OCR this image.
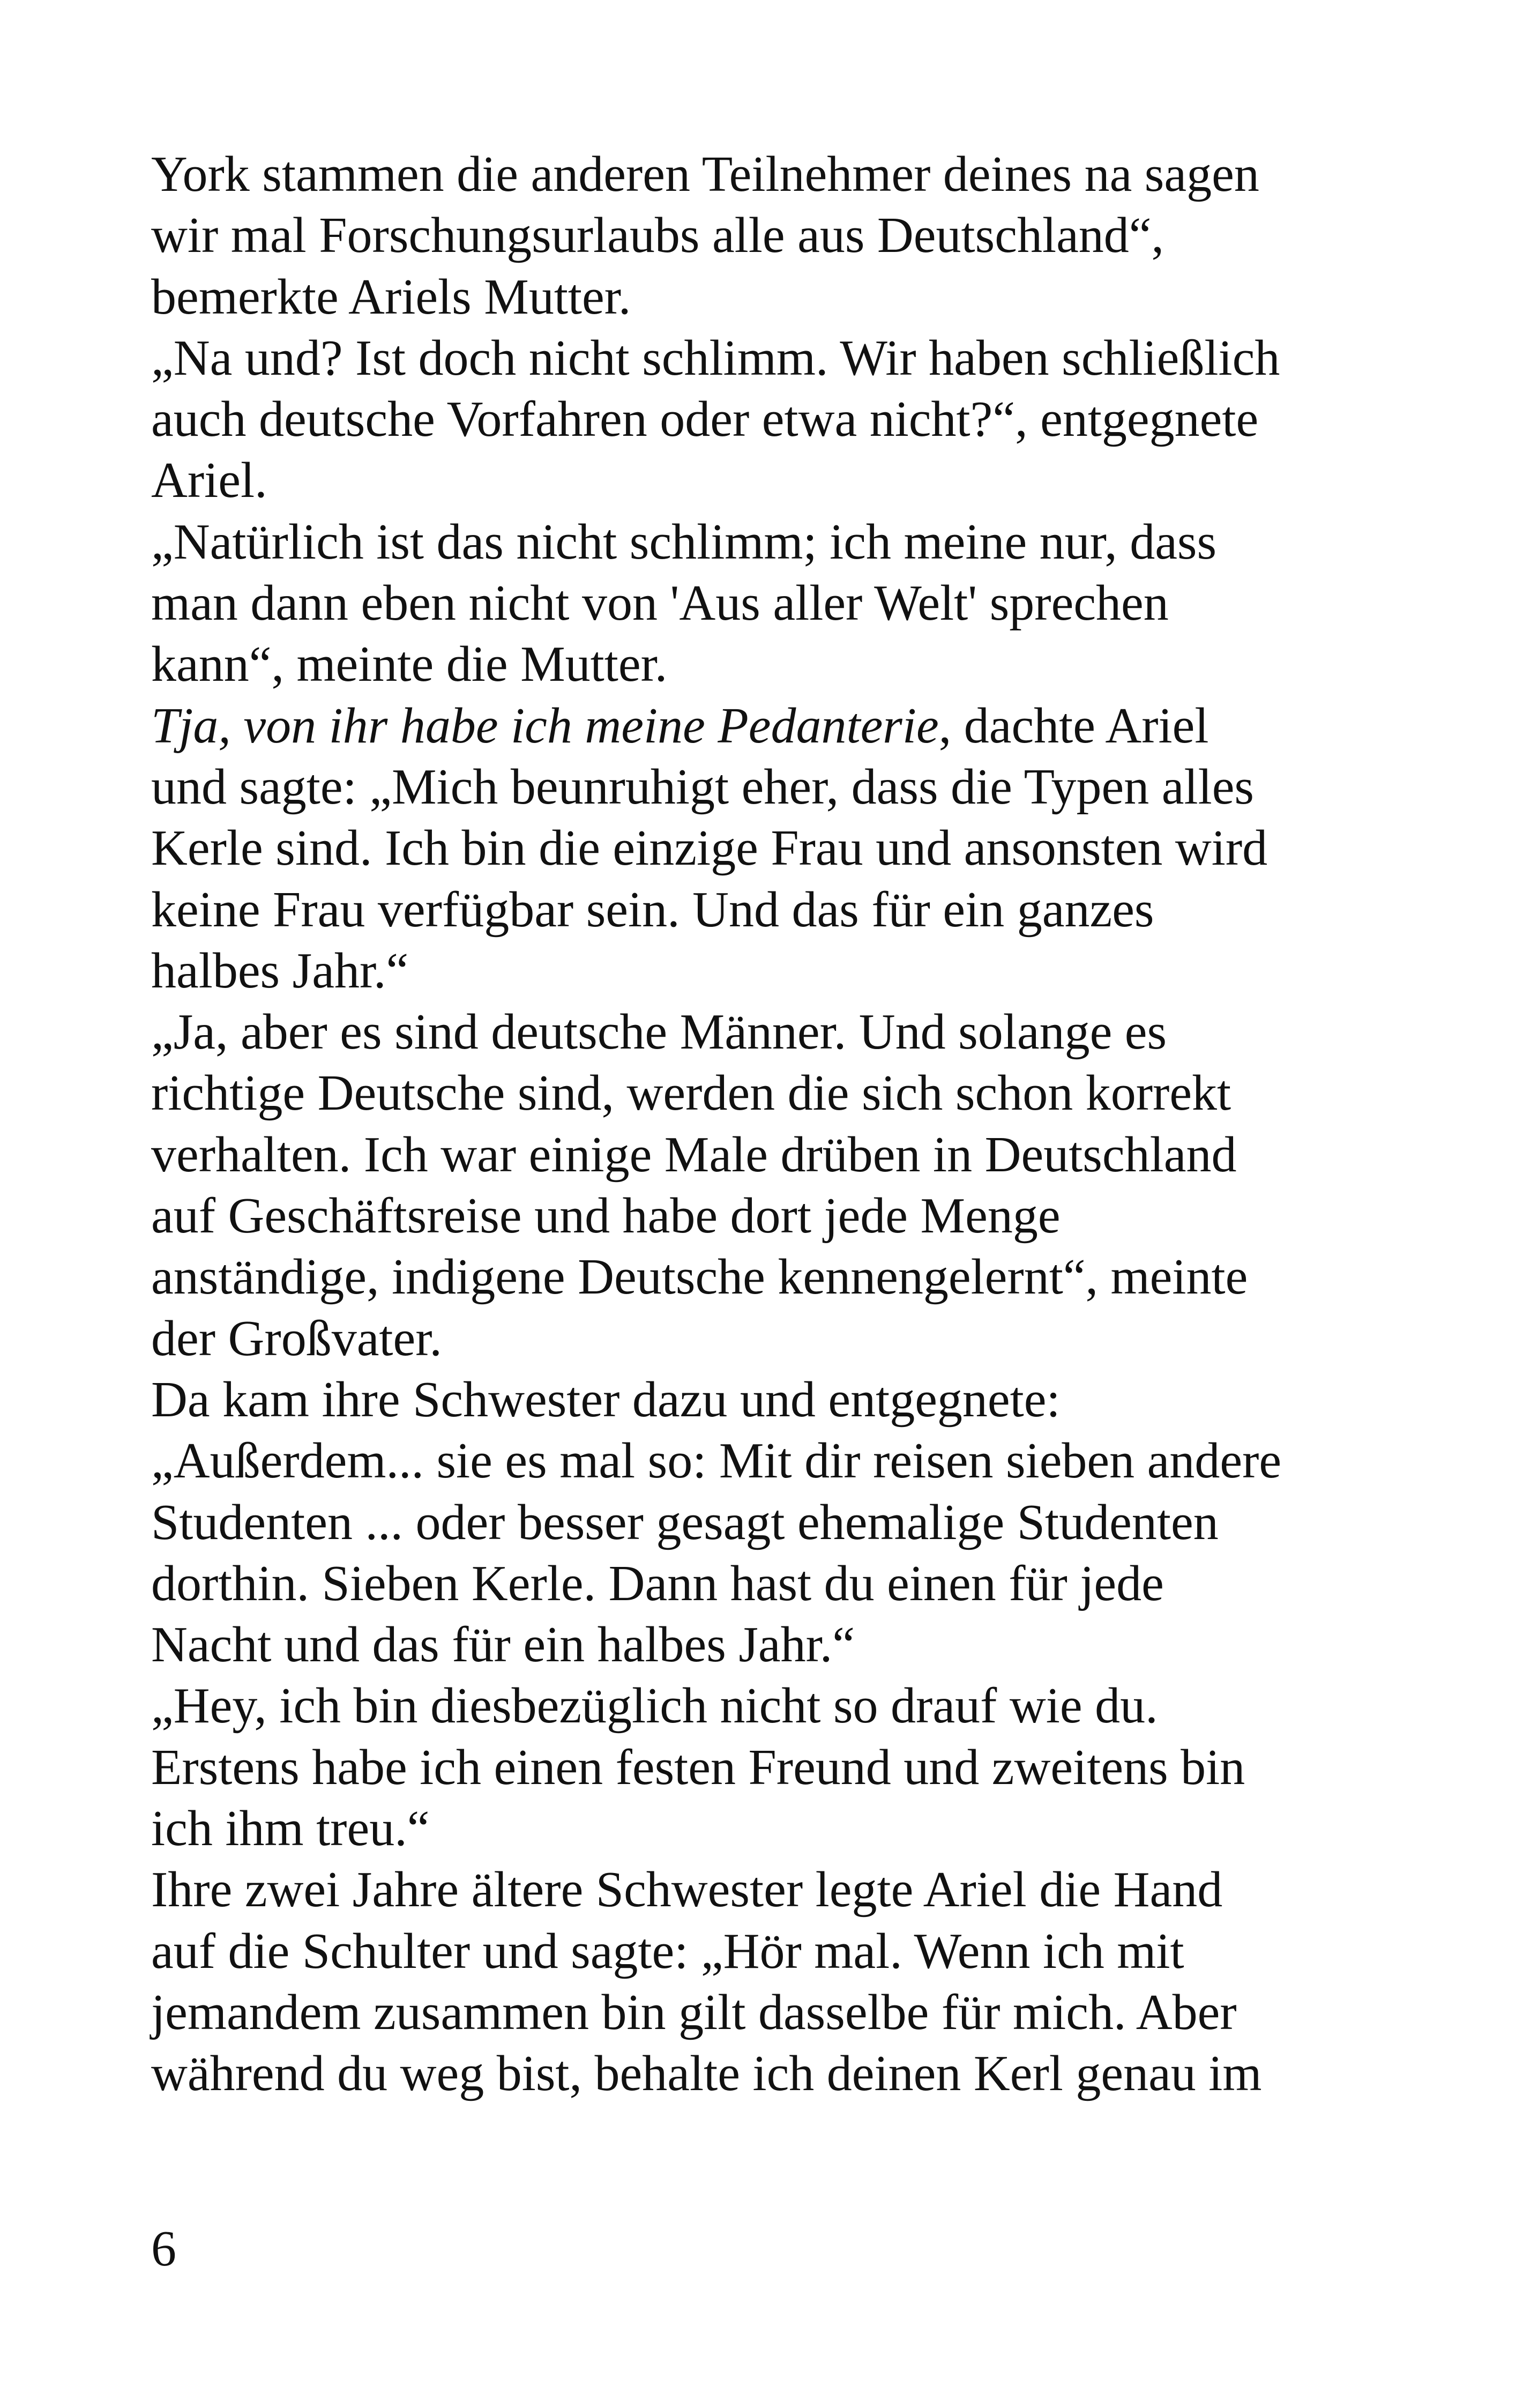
York stammen die anderen Teilnehmer deines na sagen
wir mal Forschungsurlaubs alle aus Deutschland“,
bemerkte Ariels Mutter.
„Na und? Ist doch nicht schlimm. Wir haben schließlich
auch deutsche Vorfahren oder etwa nicht?“, entgegnete
Ariel.
„Natürlich ist das nicht schlimm; ich meine nur, dass
man dann eben nicht von 'Aus aller Welt' sprechen
kann“, meinte die Mutter.
Tja, von ihr habe ich meine Pedanterie, dachte Ariel
und sagte: „Mich beunruhigt eher, dass die Typen alles
Kerle sind. Ich bin die einzige Frau und ansonsten wird
keine Frau verfügbar sein. Und das für ein ganzes
halbes Jahr.“
„Ja, aber es sind deutsche Männer. Und solange es
richtige Deutsche sind, werden die sich schon korrekt
verhalten. Ich war einige Male drüben in Deutschland
auf Geschäftsreise und habe dort jede Menge
anständige, indigene Deutsche kennengelernt“, meinte
der Großvater.
Da kam ihre Schwester dazu und entgegnete:
„Außerdem... sie es mal so: Mit dir reisen sieben andere
Studenten ... oder besser gesagt ehemalige Studenten
dorthin. Sieben Kerle. Dann hast du einen für jede
Nacht und das für ein halbes Jahr.“
„Hey, ich bin diesbezüglich nicht so drauf wie du.
Erstens habe ich einen festen Freund und zweitens bin
ich ihm treu.“
Ihre zwei Jahre ältere Schwester legte Ariel die Hand
auf die Schulter und sagte: „Hör mal. Wenn ich mit
jemandem zusammen bin gilt dasselbe für mich. Aber
während du weg bist, behalte ich deinen Kerl genau im
6
